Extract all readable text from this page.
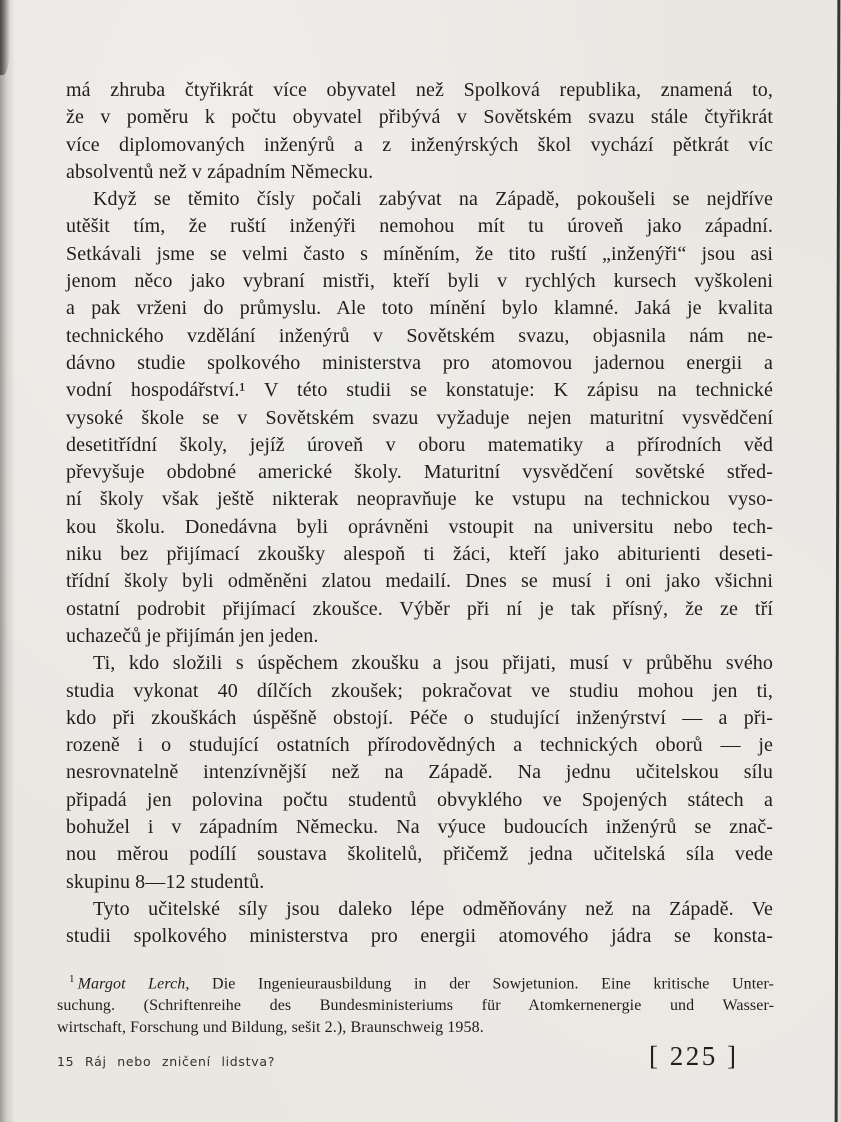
má zhruba čtyřikrát více obyvatel než Spolková republika, znamená to,
že v poměru k počtu obyvatel přibývá v Sovětském svazu stále čtyřikrát
více diplomovaných inženýrů a z inženýrských škol vychází pětkrát víc
absolventů než v západním Německu.
Když se těmito čísly počali zabývat na Západě, pokoušeli se nejdříve
utěšit tím, že ruští inženýři nemohou mít tu úroveň jako západní.
Setkávali jsme se velmi často s míněním, že tito ruští „inženýři“ jsou asi
jenom něco jako vybraní mistři, kteří byli v rychlých kursech vyškoleni
a pak vrženi do průmyslu. Ale toto mínění bylo klamné. Jaká je kvalita
technického vzdělání inženýrů v Sovětském svazu, objasnila nám ne-
dávno studie spolkového ministerstva pro atomovou jadernou energii a
vodní hospodářství.¹ V této studii se konstatuje: K zápisu na technické
vysoké škole se v Sovětském svazu vyžaduje nejen maturitní vysvědčení
desetitřídní školy, jejíž úroveň v oboru matematiky a přírodních věd
převyšuje obdobné americké školy. Maturitní vysvědčení sovětské střed-
ní školy však ještě nikterak neopravňuje ke vstupu na technickou vyso-
kou školu. Donedávna byli oprávněni vstoupit na universitu nebo tech-
niku bez přijímací zkoušky alespoň ti žáci, kteří jako abiturienti deseti-
třídní školy byli odměněni zlatou medailí. Dnes se musí i oni jako všichni
ostatní podrobit přijímací zkoušce. Výběr při ní je tak přísný, že ze tří
uchazečů je přijímán jen jeden.
Ti, kdo složili s úspěchem zkoušku a jsou přijati, musí v průběhu svého
studia vykonat 40 dílčích zkoušek; pokračovat ve studiu mohou jen ti,
kdo při zkouškách úspěšně obstojí. Péče o studující inženýrství — a při-
rozeně i o studující ostatních přírodovědných a technických oborů — je
nesrovnatelně intenzívnější než na Západě. Na jednu učitelskou sílu
připadá jen polovina počtu studentů obvyklého ve Spojených státech a
bohužel i v západním Německu. Na výuce budoucích inženýrů se znač-
nou měrou podílí soustava školitelů, přičemž jedna učitelská síla vede
skupinu 8—12 studentů.
Tyto učitelské síly jsou daleko lépe odměňovány než na Západě. Ve
studii spolkového ministerstva pro energii atomového jádra se konsta-
$^1$ Margot Lerch, Die Ingenieurausbildung in der Sowjetunion. Eine kritische Unter-
suchung. (Schriftenreihe des Bundesministeriums für Atomkernenergie und Wasser-
wirtschaft, Forschung und Bildung, sešit 2.), Braunschweig 1958.
15 Ráj nebo zničení lidstva?	[ 225 ]
